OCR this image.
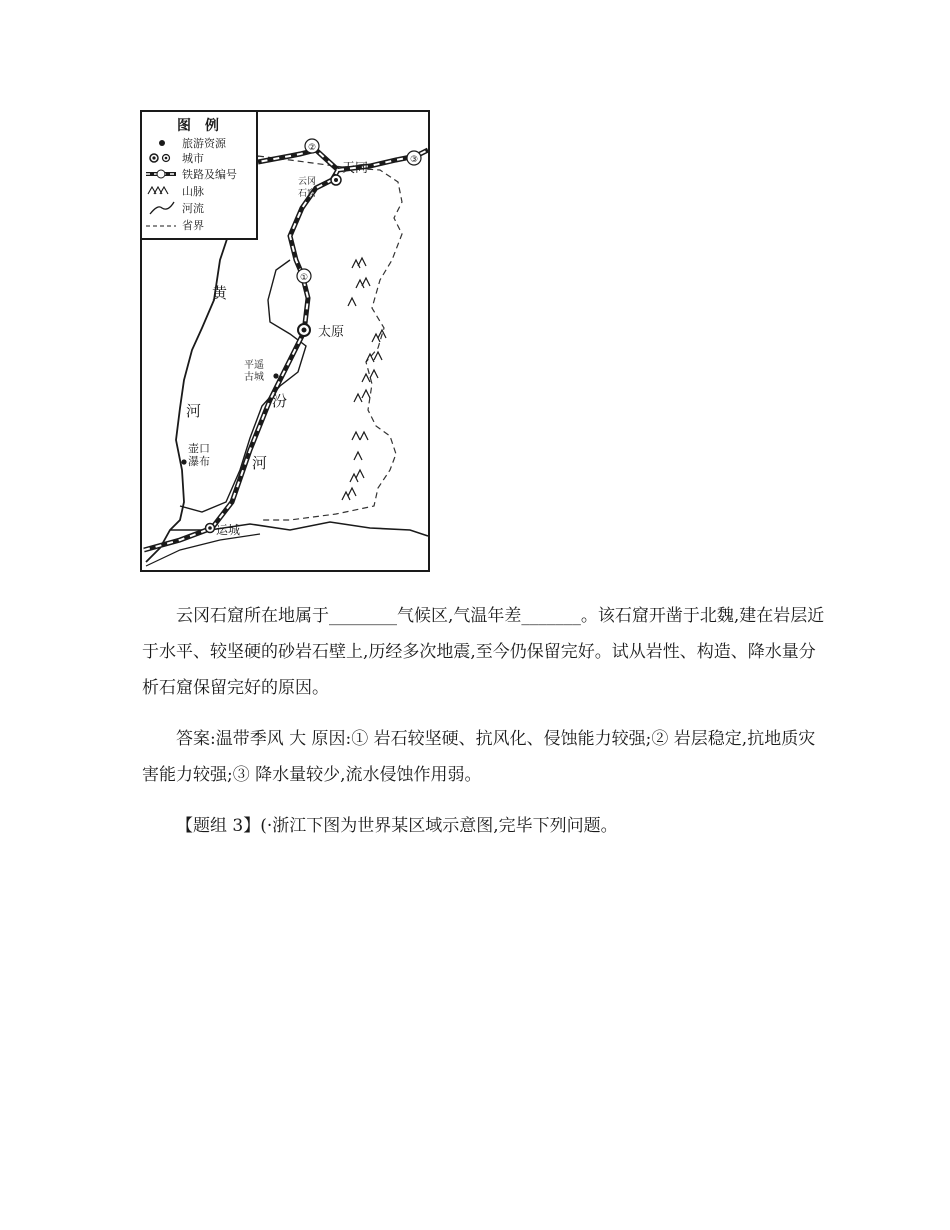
①
②
③
天同
云冈
石窟
太原
平遥
古城
黄
河
汾
河
壶口
瀑布
运城
图　例
旅游资源
城市
铁路及编号
山脉
河流
省界

云冈石窟所在地属于________气候区,气温年差_______。该石窟开凿于北魏,建在岩层近于水平、较坚硬的砂岩石壁上,历经多次地震,至今仍保留完好。试从岩性、构造、降水量分析石窟保留完好的原因。

答案:温带季风 大 原因:① 岩石较坚硬、抗风化、侵蚀能力较强;② 岩层稳定,抗地质灾害能力较强;③ 降水量较少,流水侵蚀作用弱。

【题组 3】(·浙江下图为世界某区域示意图,完毕下列问题。
